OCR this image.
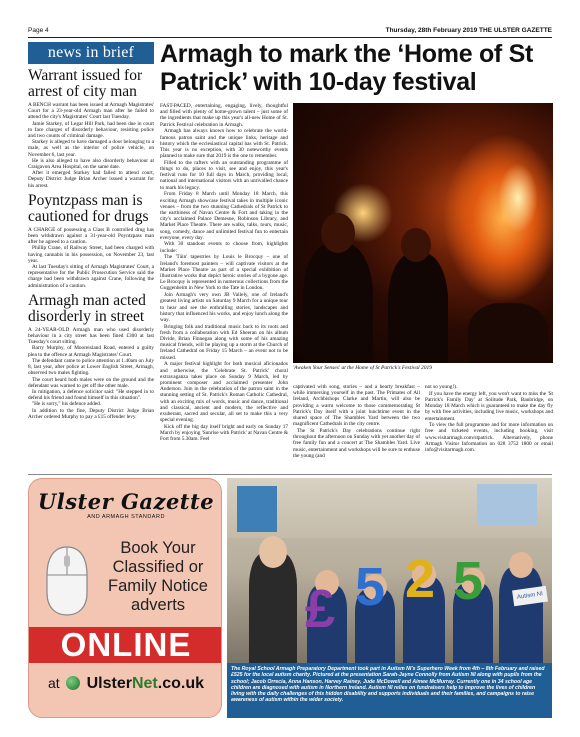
Page 4	Thursday, 28th February 2019 THE ULSTER GAZETTE
news in brief
Warrant issued for arrest of city man

A BENCH warrant has been issued at Armagh Magistrates' Court for a 23-year-old Armagh man after he failed to attend the city's Magistrates' Court last Tuesday.

Jamie Starkey, of Legar Hill Park, had been due in court to face charges of disorderly behaviour, resisting police and two counts of criminal damage.

Starkey is alleged to have damaged a door belonging to a male, as well as the interior of police vehicle, on November 6, last year.

He is also alleged to have also disorderly behaviour at Craigavon Area Hospital, on the same date.

After it emerged Starkey had failed to attend court, Deputy District Judge Brian Archer issued a warrant for his arrest.

Poyntzpass man is cautioned for drugs

A CHARGE of possessing a Class B controlled drug has been withdrawn against a 31-year-old Poyntzpass man after he agreed to a caution.

Phillip Crane, of Railway Street, had been charged with having cannabis in his possession, on November 23, last year.

At last Tuesday's sitting of Armagh Magistrates' Court, a representative for the Public Prosecution Service said the charge had been withdrawn against Crane, following the administration of a caution.

Armagh man acted disorderly in street

A 24-YEAR-OLD Armagh man who used disorderly behaviour in a city street has been fined £300 at last Tuesday's court sitting.

Barry Murphy, of Mooreisland Road, entered a guilty plea to the offence at Armagh Magistrates' Court.

The defendant came to police attention at 1.40am on July 8, last year, after police at Lower English Street, Armagh, observed two males fighting.

The court heard both males were on the ground and the defendant was warned to get off the other male.

In mitigation, a defence solicitor said: "He stepped in to defend his friend and found himself in this situation".

"He is sorry," his defence added.

In addition to the fine, Deputy District Judge Brian Archer ordered Murphy to pay a £15 offender levy.

Armagh to mark the ‘Home of St Patrick’ with 10-day festival

FAST-PACED, entertaining, engaging, lively, thoughtful and filled with plenty of home-grown talent – just some of the ingredients that make up this year's all-new Home of St. Patrick Festival celebration in Armagh.

Armagh has always known how to celebrate the world-famous patron saint and the unique links, heritage and history which the ecclesiastical capital has with St. Patrick. This year is no exception, with 30 noteworthy events planned to make sure that 2019 is the one to remember.

Filled to the rafters with an outstanding programme of things to do, places to visit, see and enjoy, this year's festival runs for 10 full days in March, providing local, national and international visitors with an unrivalled chance to mark his legacy.

From Friday 8 March until Monday 18 March, this exciting Armagh showcase festival takes in multiple iconic venues – from the two stunning Cathedrals of St Patrick to the earthiness of Navan Centre & Fort and taking in the city's acclaimed Palace Demesne, Robinson Library, and Market Place Theatre. There are walks, talks, tours, music, song, comedy, dance and unlimited festival fun to entertain everyone, every day.

With 30 standout events to choose from, highlights include:

The 'Táin' tapestries by Louis le Brocquy – one of Ireland's foremost painters – will captivate visitors at the Market Place Theatre as part of a special exhibition of illustrative works that depict heroic stories of a bygone age. Le Brocquy is represented in numerous collections from the Guggenheim in New York to the Tate in London.

Join Armagh's very own JB Vallely, one of Ireland's greatest living artists on Saturday 9 March for a unique tour to hear and see the enthralling stories, landscapes and history that influenced his works, and enjoy lunch along the way.

Bringing folk and traditional music back to its roots and fresh from a collaboration with Ed Sheeran on his album Divide, Brian Finnegan along with some of his amazing musical friends, will be playing up a storm at the Church of Ireland Cathedral on Friday 15 March – an event not to be missed.

A major festival highlight for both musical aficionados and otherwise, the 'Celebrate St. Patrick' choral extravaganza takes place on Sunday 9 March, led by prominent composer and acclaimed presenter John Anderson. Join in the celebration of the patron saint in the stunning setting of St. Patrick's Roman Catholic Cathedral, with an exciting mix of words, music and dance, traditional and classical, ancient and modern, the reflective and exuberant, sacred and secular, all set to make this a very special evening.

Kick off the big day itself bright and early on Sunday 17 March by enjoying 'Sunrise with Patrick' at Navan Centre & Fort from 5.30am. Feel

'Awaken Your Senses' at the Home of St Patrick's Festival 2019

captivated with song, stories – and a hearty breakfast – while immersing yourself in the past. The Primates of All Ireland, Archbishops Clarke and Martin, will also be providing a warm welcome to those commemorating St Patrick's Day itself with a joint lunchtime event in the shared space of The Shambles Yard between the two magnificent Cathedrals in the city centre.

The St Patrick's Day celebrations continue right throughout the afternoon on Sunday with yet another day of free family fun and a concert at The Shambles Yard. Live music, entertainment and workshops will be sure to enthuse the young (and

not so young!).

If you have the energy left, you won't want to miss the 'St Patrick's Family Day' at Solitude Park, Banbridge, on Monday 18 March which is guaranteed to make the day fly by with free activities, including live music, workshops and entertainment.

To view the full programme and for more information on free and ticketed events, including booking, visit www.visitarmagh.com/stpatrick. Alternatively, phone Armagh Visitor Information on 028 3752 1800 or email info@visitarmagh.com.

Ulster Gazette
AND ARMAGH STANDARD
Book Your
Classified or
Family Notice
adverts
ONLINE
at UlsterNet.co.uk
£ 5 2 5	Autism NI
The Royal School Armagh Preparatory Department took part in Autism NI's Superhero Week from 4th – 8th February and raised £525 for the local autism charity. Pictured at the presentation Sarah-Jayne Connolly from Autism NI along with pupils from the school; Jacob Orrecia, Anna Hanson, Harvey Rainey, Jude McDowell and Aimee McMurray. Currently one in 34 school age children are diagnosed with autism in Northern Ireland. Autism NI relies on fundraisers help to improve the lives of children living with the daily challenges of this hidden disability and supports individuals and their families, and campaigns to raise awareness of autism within the wider society.
